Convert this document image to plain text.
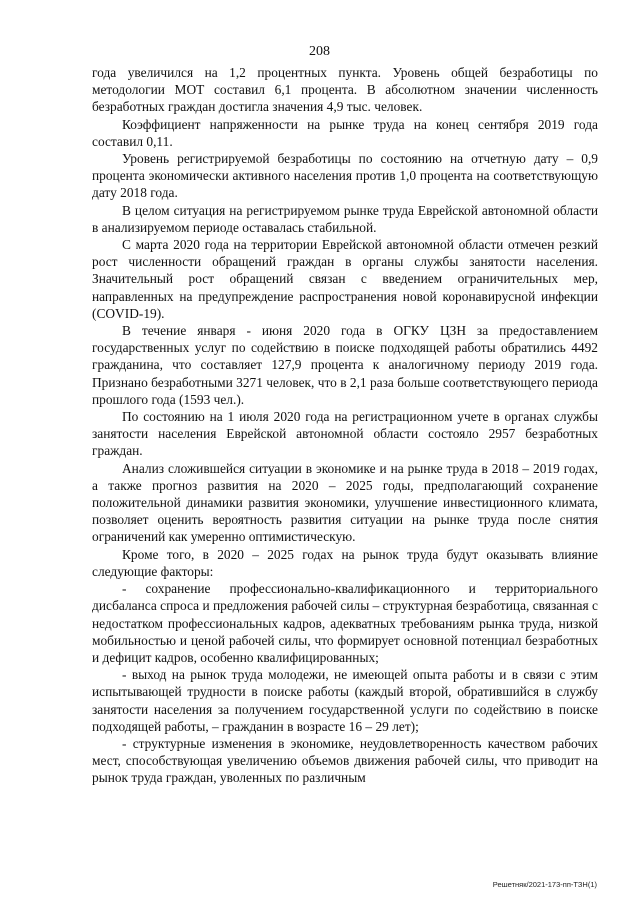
208

года увеличился на 1,2 процентных пункта. Уровень общей безработицы по методологии МОТ составил 6,1 процента. В абсолютном значении численность безработных граждан достигла значения 4,9 тыс. человек.

Коэффициент напряженности на рынке труда на конец сентября 2019 года составил 0,11.

Уровень регистрируемой безработицы по состоянию на отчетную дату – 0,9 процента экономически активного населения против 1,0 процента на соответствующую дату 2018 года.

В целом ситуация на регистрируемом рынке труда Еврейской автономной области в анализируемом периоде оставалась стабильной.

С марта 2020 года на территории Еврейской автономной области отмечен резкий рост численности обращений граждан в органы службы занятости населения. Значительный рост обращений связан с введением ограничительных мер, направленных на предупреждение распространения новой коронавирусной инфекции (COVID-19).

В течение января - июня 2020 года в ОГКУ ЦЗН за предоставлением государственных услуг по содействию в поиске подходящей работы обратились 4492 гражданина, что составляет 127,9 процента к аналогичному периоду 2019 года. Признано безработными 3271 человек, что в 2,1 раза больше соответствующего периода прошлого года (1593 чел.).

По состоянию на 1 июля 2020 года на регистрационном учете в органах службы занятости населения Еврейской автономной области состояло 2957 безработных граждан.

Анализ сложившейся ситуации в экономике и на рынке труда в 2018 – 2019 годах, а также прогноз развития на 2020 – 2025 годы, предполагающий сохранение положительной динамики развития экономики, улучшение инвестиционного климата, позволяет оценить вероятность развития ситуации на рынке труда после снятия ограничений как умеренно оптимистическую.

Кроме того, в 2020 – 2025 годах на рынок труда будут оказывать влияние следующие факторы:

- сохранение профессионально-квалификационного и территориального дисбаланса спроса и предложения рабочей силы – структурная безработица, связанная с недостатком профессиональных кадров, адекватных требованиям рынка труда, низкой мобильностью и ценой рабочей силы, что формирует основной потенциал безработных и дефицит кадров, особенно квалифицированных;

- выход на рынок труда молодежи, не имеющей опыта работы и в связи с этим испытывающей трудности в поиске работы (каждый второй, обратившийся в службу занятости населения за получением государственной услуги по содействию в поиске подходящей работы, – гражданин в возрасте 16 – 29 лет);

- структурные изменения в экономике, неудовлетворенность качеством рабочих мест, способствующая увеличению объемов движения рабочей силы, что приводит на рынок труда граждан, уволенных по различным

Решетняк/2021-173-пп-ТЗН(1)
